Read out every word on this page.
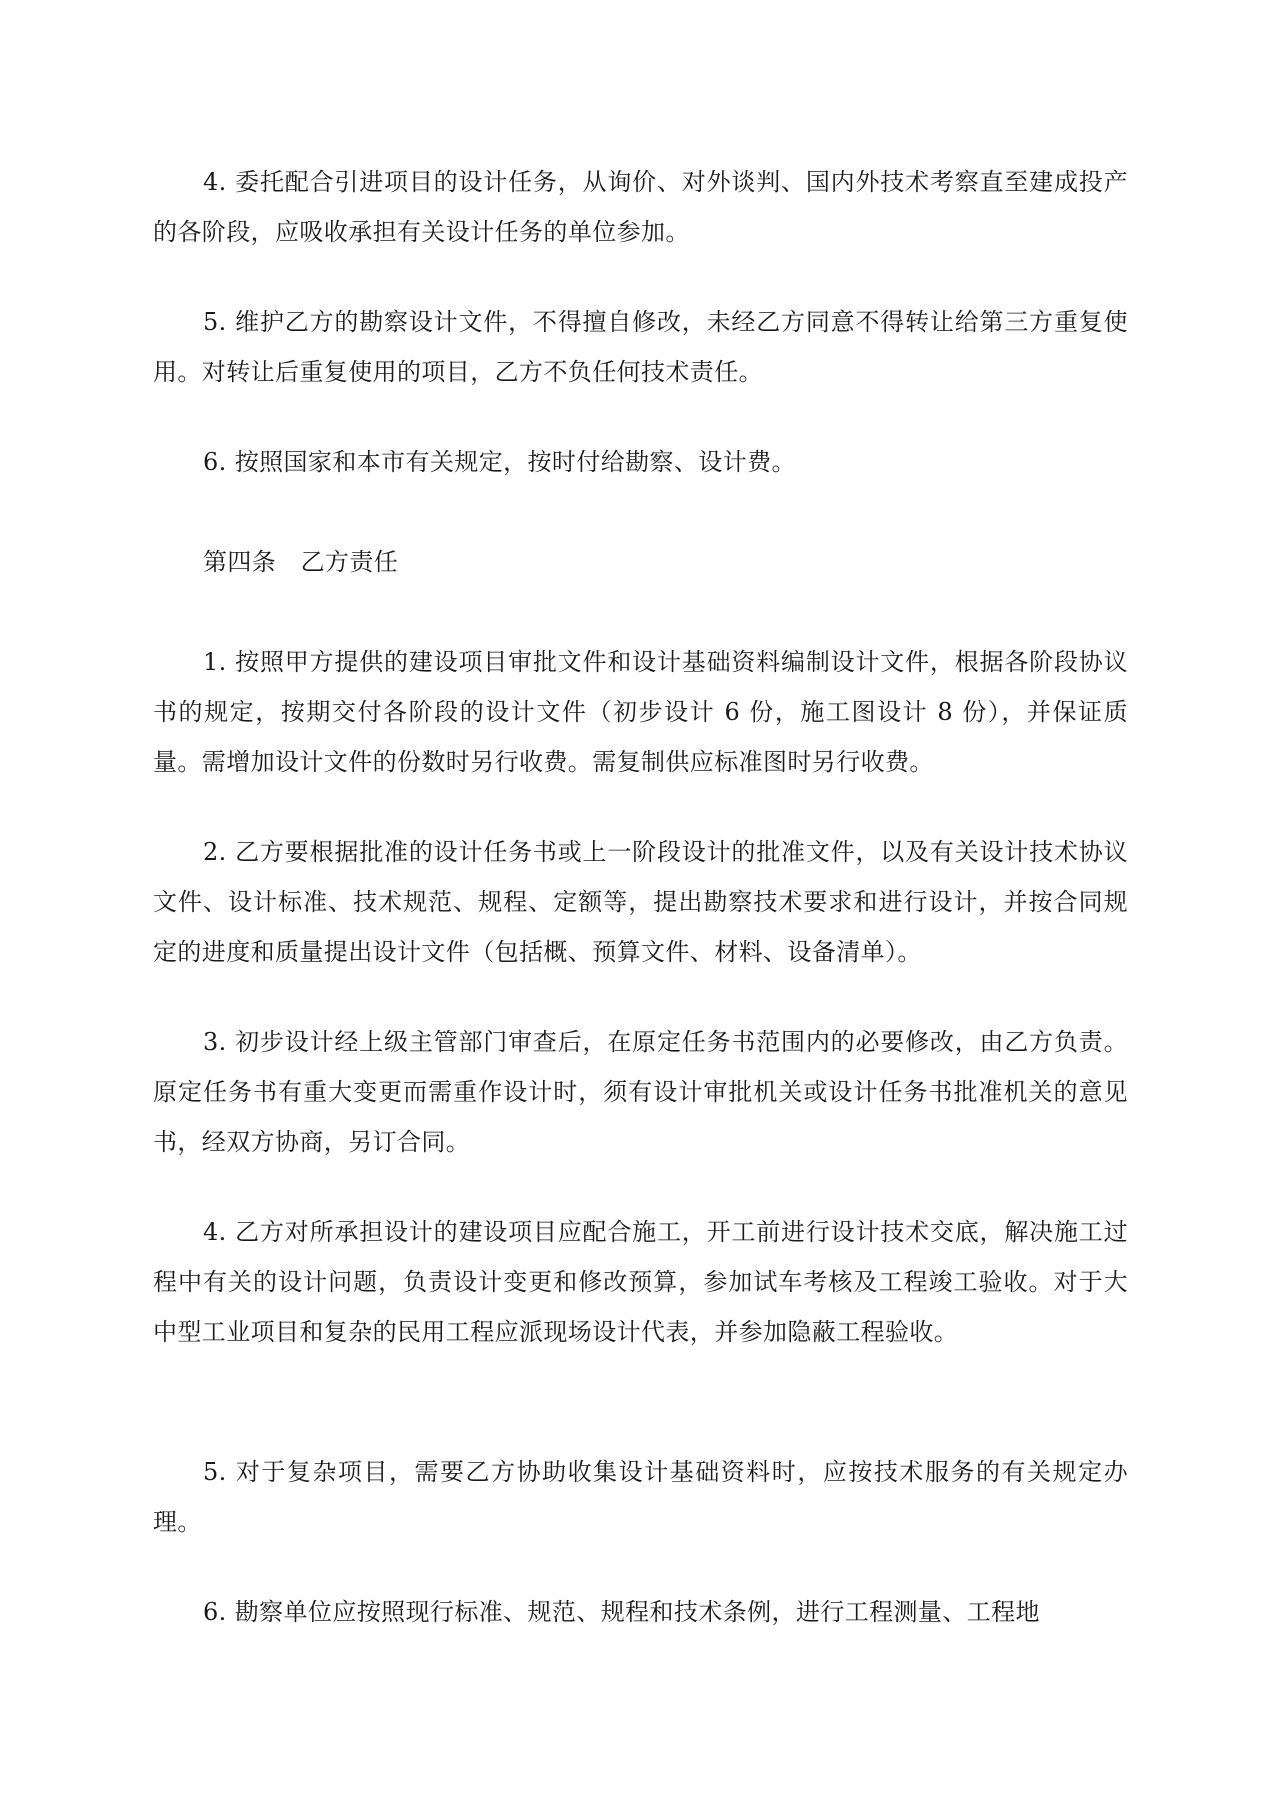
4. 委托配合引进项目的设计任务，从询价、对外谈判、国内外技术考察直至建成投产的各阶段，应吸收承担有关设计任务的单位参加。

5. 维护乙方的勘察设计文件，不得擅自修改，未经乙方同意不得转让给第三方重复使用。对转让后重复使用的项目，乙方不负任何技术责任。

6. 按照国家和本市有关规定，按时付给勘察、设计费。

第四条　乙方责任

1. 按照甲方提供的建设项目审批文件和设计基础资料编制设计文件，根据各阶段协议书的规定，按期交付各阶段的设计文件（初步设计 6 份，施工图设计 8 份），并保证质量。需增加设计文件的份数时另行收费。需复制供应标准图时另行收费。

2. 乙方要根据批准的设计任务书或上一阶段设计的批准文件，以及有关设计技术协议文件、设计标准、技术规范、规程、定额等，提出勘察技术要求和进行设计，并按合同规定的进度和质量提出设计文件（包括概、预算文件、材料、设备清单）。

3. 初步设计经上级主管部门审查后，在原定任务书范围内的必要修改，由乙方负责。原定任务书有重大变更而需重作设计时，须有设计审批机关或设计任务书批准机关的意见书，经双方协商，另订合同。

4. 乙方对所承担设计的建设项目应配合施工，开工前进行设计技术交底，解决施工过程中有关的设计问题，负责设计变更和修改预算，参加试车考核及工程竣工验收。对于大中型工业项目和复杂的民用工程应派现场设计代表，并参加隐蔽工程验收。

5. 对于复杂项目，需要乙方协助收集设计基础资料时，应按技术服务的有关规定办理。

6. 勘察单位应按照现行标准、规范、规程和技术条例，进行工程测量、工程地
